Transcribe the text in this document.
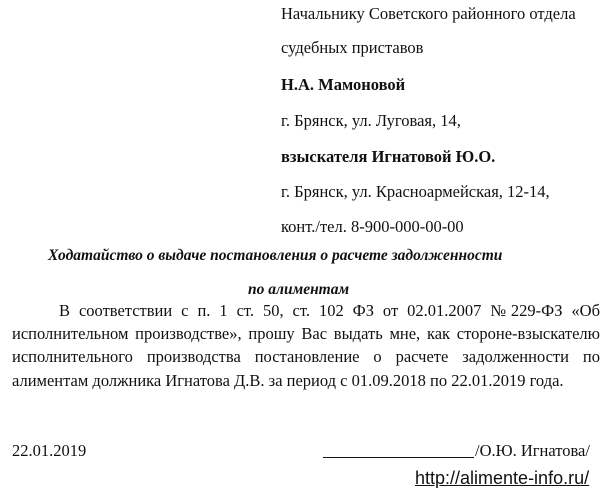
Начальнику Советского районного отдела
судебных приставов
Н.А. Мамоновой
г. Брянск, ул. Луговая, 14,
взыскателя Игнатовой Ю.О.
г. Брянск, ул. Красноармейская, 12-14,
конт./тел. 8-900-000-00-00
Ходатайство о выдаче постановления о расчете задолженности
по алиментам
В соответствии с п. 1 ст. 50, ст. 102 ФЗ от 02.01.2007 №229-ФЗ «Об исполнительном производстве», прошу Вас выдать мне, как стороне-взыскателю исполнительного производства постановление о расчете задолженности по алиментам должника Игнатова Д.В. за период с 01.09.2018 по 22.01.2019 года.
22.01.2019	/О.Ю. Игнатова/
http://alimente-info.ru/
